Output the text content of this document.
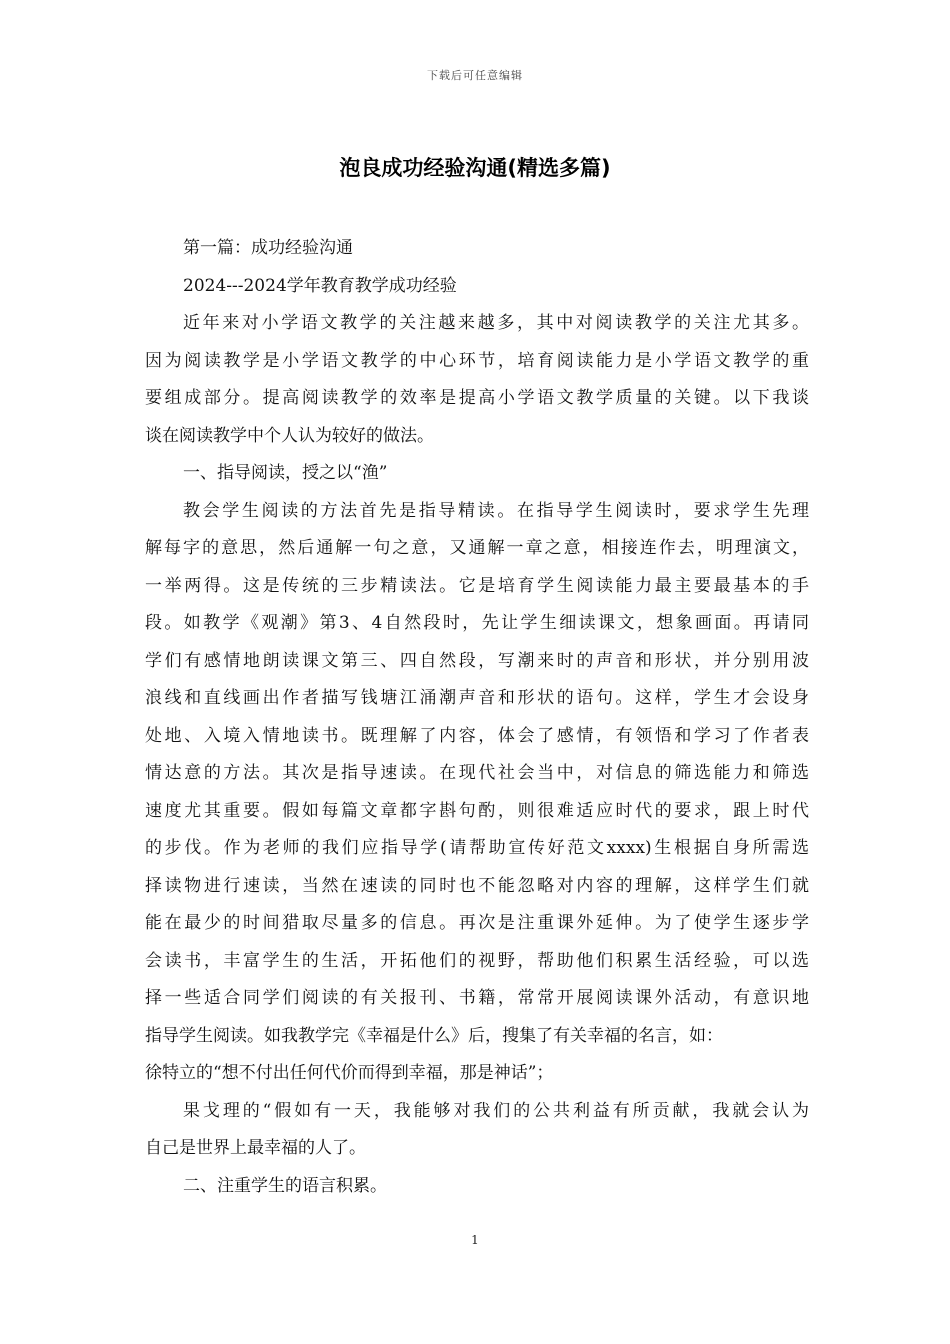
下载后可任意编辑
泡良成功经验沟通(精选多篇)
第一篇：成功经验沟通
2024---2024学年教育教学成功经验
近年来对小学语文教学的关注越来越多，其中对阅读教学的关注尤其多。
因为阅读教学是小学语文教学的中心环节，培育阅读能力是小学语文教学的重
要组成部分。提高阅读教学的效率是提高小学语文教学质量的关键。以下我谈
谈在阅读教学中个人认为较好的做法。
一、指导阅读，授之以“渔”
教会学生阅读的方法首先是指导精读。在指导学生阅读时，要求学生先理
解每字的意思，然后通解一句之意，又通解一章之意，相接连作去，明理演文，
一举两得。这是传统的三步精读法。它是培育学生阅读能力最主要最基本的手
段。如教学《观潮》第3、4自然段时，先让学生细读课文，想象画面。再请同
学们有感情地朗读课文第三、四自然段，写潮来时的声音和形状，并分别用波
浪线和直线画出作者描写钱塘江涌潮声音和形状的语句。这样，学生才会设身
处地、入境入情地读书。既理解了内容，体会了感情，有领悟和学习了作者表
情达意的方法。其次是指导速读。在现代社会当中，对信息的筛选能力和筛选
速度尤其重要。假如每篇文章都字斟句酌，则很难适应时代的要求，跟上时代
的步伐。作为老师的我们应指导学(请帮助宣传好范文xxxx)生根据自身所需选
择读物进行速读，当然在速读的同时也不能忽略对内容的理解，这样学生们就
能在最少的时间猎取尽量多的信息。再次是注重课外延伸。为了使学生逐步学
会读书，丰富学生的生活，开拓他们的视野，帮助他们积累生活经验，可以选
择一些适合同学们阅读的有关报刊、书籍，常常开展阅读课外活动，有意识地
指导学生阅读。如我教学完《幸福是什么》后，搜集了有关幸福的名言，如：
徐特立的“想不付出任何代价而得到幸福，那是神话”；
果戈理的“假如有一天，我能够对我们的公共利益有所贡献，我就会认为
自己是世界上最幸福的人了。
二、注重学生的语言积累。
1
